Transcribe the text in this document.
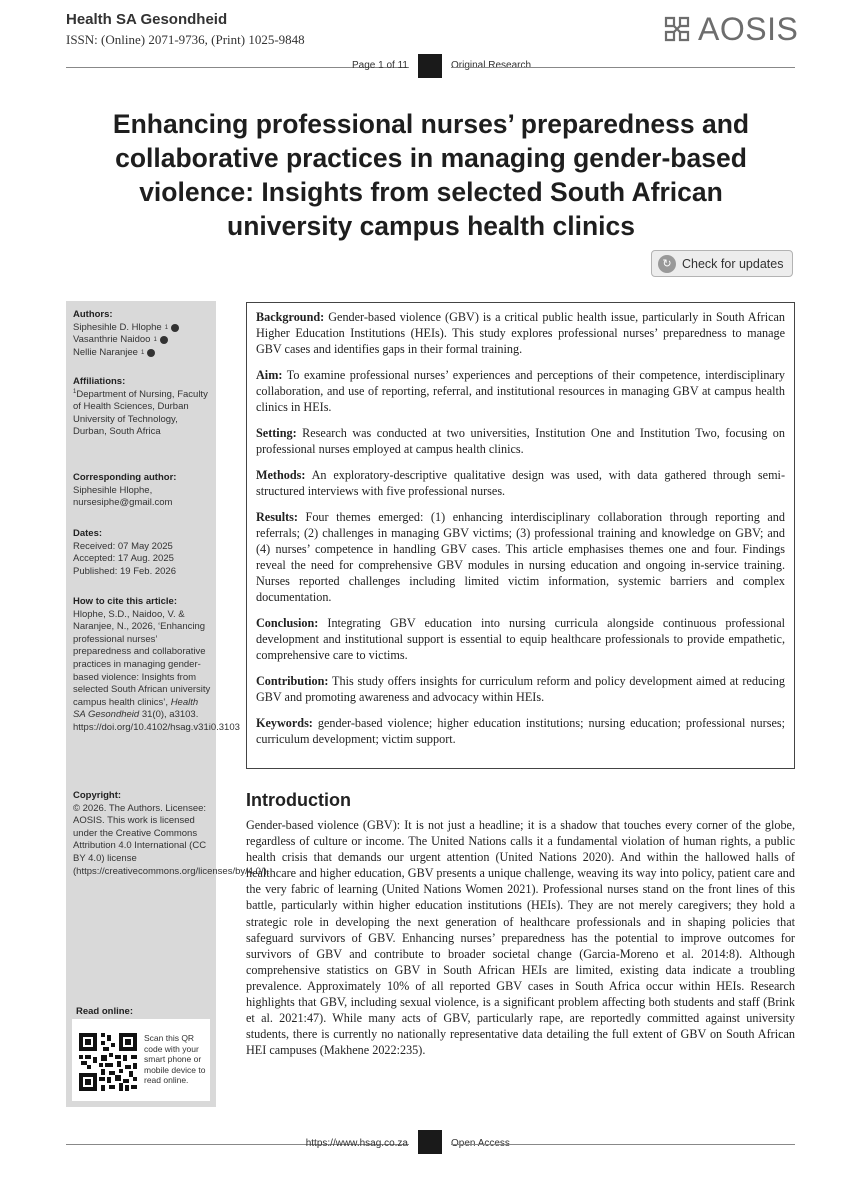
Health SA Gesondheid
ISSN: (Online) 2071-9736, (Print) 1025-9848	AOSIS
Page 1 of 11	Original Research
Enhancing professional nurses’ preparedness and collaborative practices in managing gender-based violence: Insights from selected South African university campus health clinics
↻ Check for updates
Authors:
Siphesihle D. Hlophe 1
Vasanthrie Naidoo 1
Nellie Naranjee 1
Affiliations:
$^1$Department of Nursing, Faculty of Health Sciences, Durban University of Technology, Durban, South Africa
Corresponding author:
Siphesihle Hlophe,
nursesiphe@gmail.com
Dates:
Received: 07 May 2025
Accepted: 17 Aug. 2025
Published: 19 Feb. 2026
How to cite this article:
Hlophe, S.D., Naidoo, V. & Naranjee, N., 2026, ‘Enhancing professional nurses’ preparedness and collaborative practices in managing gender-based violence: Insights from selected South African university campus health clinics’, Health SA Gesondheid 31(0), a3103. https://doi.org/10.4102/hsag.v31i0.3103
Copyright:
© 2026. The Authors. Licensee: AOSIS. This work is licensed under the Creative Commons Attribution 4.0 International (CC BY 4.0) license (https://creativecommons.org/licenses/by/4.0/).
Read online:
Scan this QR code with your smart phone or mobile device to read online.

Background: Gender-based violence (GBV) is a critical public health issue, particularly in South African Higher Education Institutions (HEIs). This study explores professional nurses’ preparedness to manage GBV cases and identifies gaps in their formal training.

Aim: To examine professional nurses’ experiences and perceptions of their competence, interdisciplinary collaboration, and use of reporting, referral, and institutional resources in managing GBV at campus health clinics in HEIs.

Setting: Research was conducted at two universities, Institution One and Institution Two, focusing on professional nurses employed at campus health clinics.

Methods: An exploratory-descriptive qualitative design was used, with data gathered through semi-structured interviews with five professional nurses.

Results: Four themes emerged: (1) enhancing interdisciplinary collaboration through reporting and referrals; (2) challenges in managing GBV victims; (3) professional training and knowledge on GBV; and (4) nurses’ competence in handling GBV cases. This article emphasises themes one and four. Findings reveal the need for comprehensive GBV modules in nursing education and ongoing in-service training. Nurses reported challenges including limited victim information, systemic barriers and complex documentation.

Conclusion: Integrating GBV education into nursing curricula alongside continuous professional development and institutional support is essential to equip healthcare professionals to provide empathetic, comprehensive care to victims.

Contribution: This study offers insights for curriculum reform and policy development aimed at reducing GBV and promoting awareness and advocacy within HEIs.

Keywords: gender-based violence; higher education institutions; nursing education; professional nurses; curriculum development; victim support.

Introduction

Gender-based violence (GBV): It is not just a headline; it is a shadow that touches every corner of the globe, regardless of culture or income. The United Nations calls it a fundamental violation of human rights, a public health crisis that demands our urgent attention (United Nations 2020). And within the hallowed halls of healthcare and higher education, GBV presents a unique challenge, weaving its way into policy, patient care and the very fabric of learning (United Nations Women 2021). Professional nurses stand on the front lines of this battle, particularly within higher education institutions (HEIs). They are not merely caregivers; they hold a strategic role in developing the next generation of healthcare professionals and in shaping policies that safeguard survivors of GBV. Enhancing nurses’ preparedness has the potential to improve outcomes for survivors of GBV and contribute to broader societal change (Garcia-Moreno et al. 2014:8). Although comprehensive statistics on GBV in South African HEIs are limited, existing data indicate a troubling prevalence. Approximately 10% of all reported GBV cases in South Africa occur within HEIs. Research highlights that GBV, including sexual violence, is a significant problem affecting both students and staff (Brink et al. 2021:47). While many acts of GBV, particularly rape, are reportedly committed against university students, there is currently no nationally representative data detailing the full extent of GBV on South African HEI campuses (Makhene 2022:235).

https://www.hsag.co.za	Open Access
